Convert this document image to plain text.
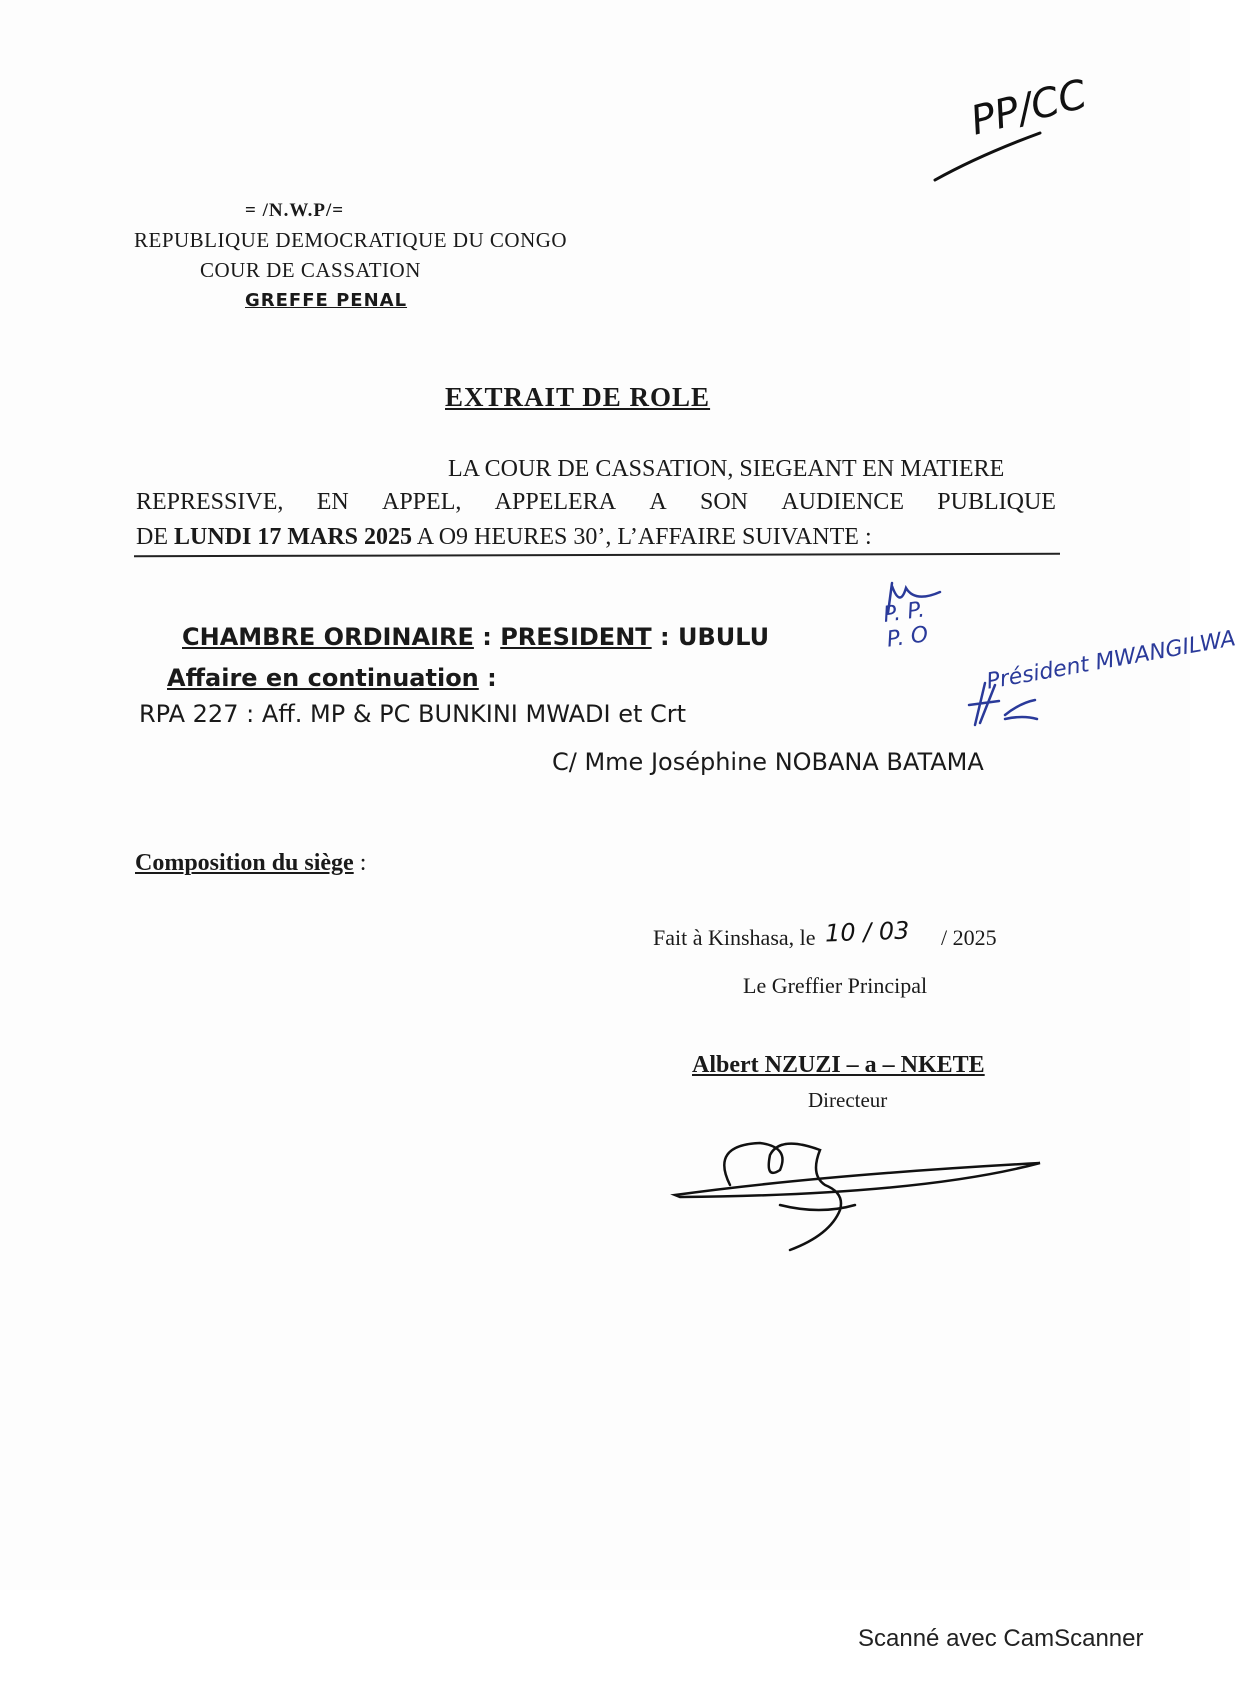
PP/CC
= /N.W.P/=
REPUBLIQUE DEMOCRATIQUE DU CONGO
COUR DE CASSATION
GREFFE PENAL
EXTRAIT DE ROLE
LA COUR DE CASSATION, SIEGEANT EN MATIERE
REPRESSIVE, EN APPEL, APPELERA A SON AUDIENCE PUBLIQUE
DE LUNDI 17 MARS 2025 A O9 HEURES 30’, L’AFFAIRE SUIVANTE :
P. P.
P. O Président MWANGILWA
CHAMBRE ORDINAIRE : PRESIDENT : UBULU
Affaire en continuation :
RPA 227 : Aff. MP & PC BUNKINI MWADI et Crt
C/ Mme Joséphine NOBANA BATAMA
Composition du siège :
Fait à Kinshasa, le	/ 2025
10 / 03
Le Greffier Principal
Albert NZUZI – a – NKETE
Directeur
Scanné avec CamScanner
